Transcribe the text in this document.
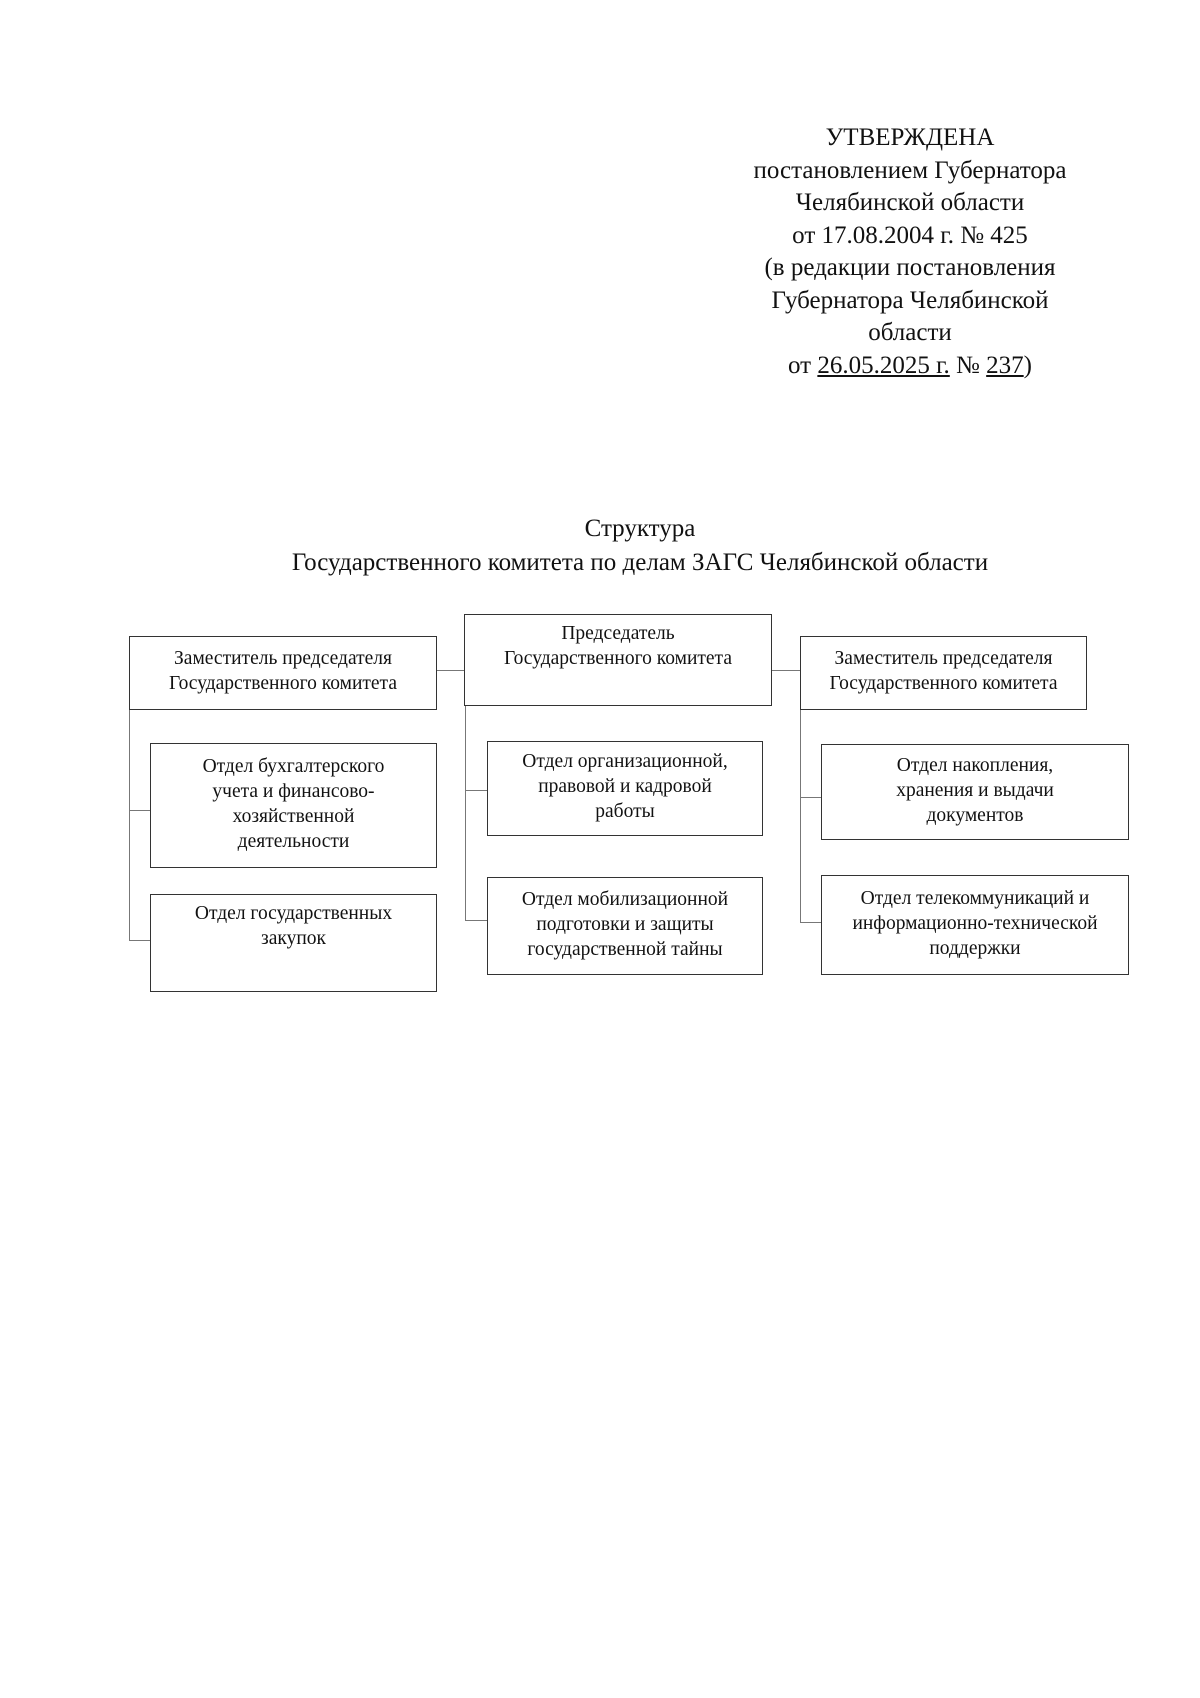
УТВЕРЖДЕНА
постановлением Губернатора
Челябинской области
от 17.08.2004 г. № 425
(в редакции постановления
Губернатора Челябинской
области
от 26.05.2025 г. № 237)
Структура
Государственного комитета по делам ЗАГС Челябинской области
Заместитель председателя
Государственного комитета
Председатель
Государственного комитета	Заместитель председателя
Государственного комитета
Отдел бухгалтерского
учета и финансово-
хозяйственной
деятельности
Отдел государственных
закупок
Отдел организационной,
правовой и кадровой
работы
Отдел мобилизационной
подготовки и защиты
государственной тайны
Отдел накопления,
хранения и выдачи
документов
Отдел телекоммуникаций и
информационно-технической
поддержки
